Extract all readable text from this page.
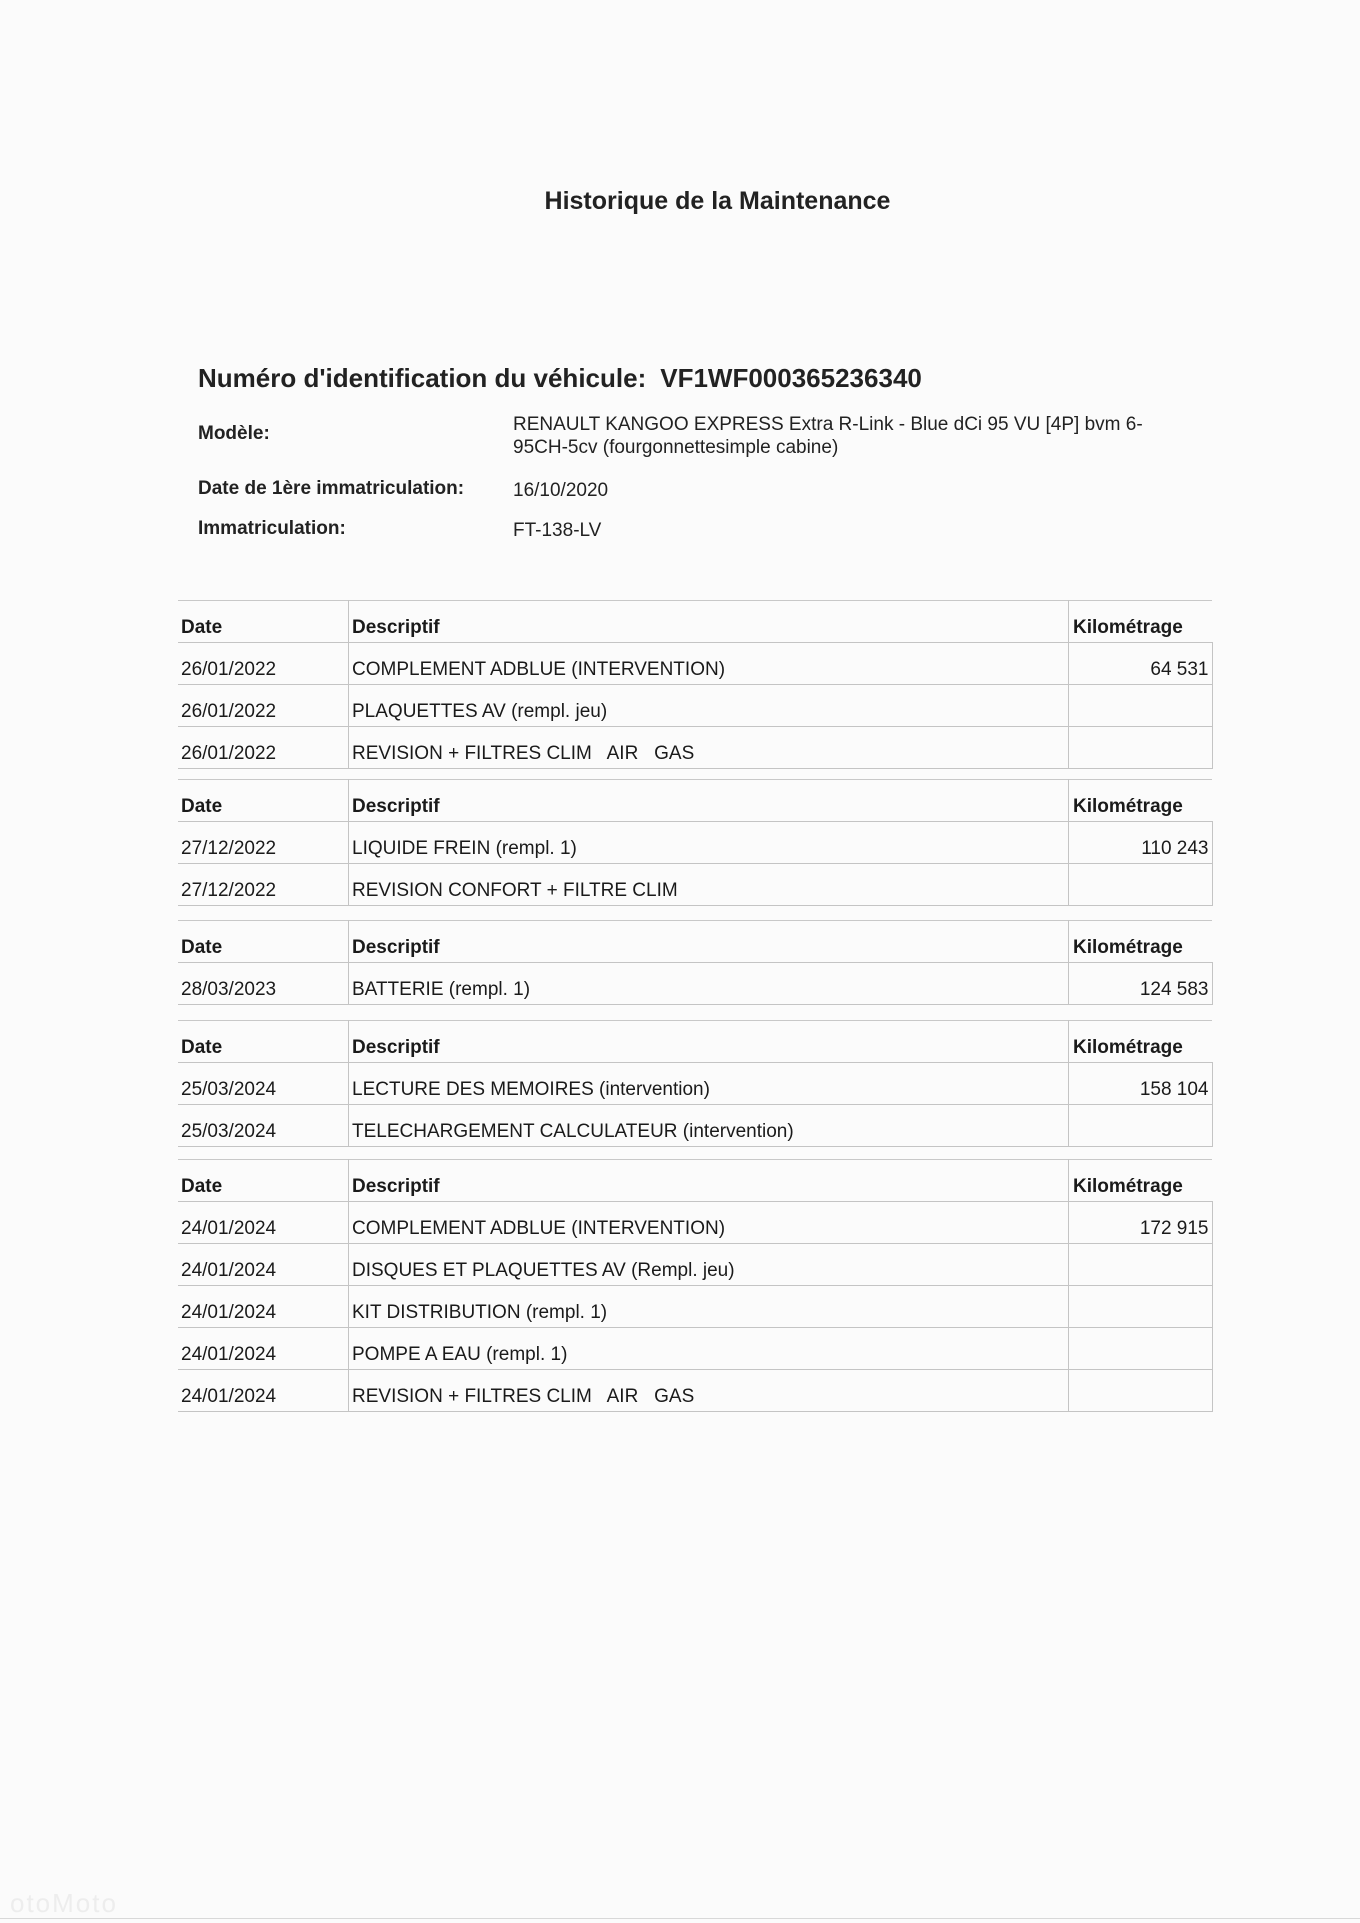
Historique de la Maintenance
Numéro d'identification du véhicule: VF1WF000365236340
Modèle:	RENAULT KANGOO EXPRESS Extra R-Link - Blue dCi 95 VU [4P] bvm 6-95CH-5cv (fourgonnettesimple cabine)
Date de 1ère immatriculation:	16/10/2020
Immatriculation:	FT-138-LV
Date	Descriptif	Kilométrage
26/01/2022	COMPLEMENT ADBLUE (INTERVENTION)	64 531
26/01/2022	PLAQUETTES AV (rempl. jeu)	
26/01/2022	REVISION + FILTRES CLIM   AIR   GAS	
Date	Descriptif	Kilométrage
27/12/2022	LIQUIDE FREIN (rempl. 1)	110 243
27/12/2022	REVISION CONFORT + FILTRE CLIM	
Date	Descriptif	Kilométrage
28/03/2023	BATTERIE (rempl. 1)	124 583
Date	Descriptif	Kilométrage
25/03/2024	LECTURE DES MEMOIRES (intervention)	158 104
25/03/2024	TELECHARGEMENT CALCULATEUR (intervention)	
Date	Descriptif	Kilométrage
24/01/2024	COMPLEMENT ADBLUE (INTERVENTION)	172 915
24/01/2024	DISQUES ET PLAQUETTES AV (Rempl. jeu)	
24/01/2024	KIT DISTRIBUTION (rempl. 1)	
24/01/2024	POMPE A EAU (rempl. 1)	
24/01/2024	REVISION + FILTRES CLIM   AIR   GAS	
otoMoto
